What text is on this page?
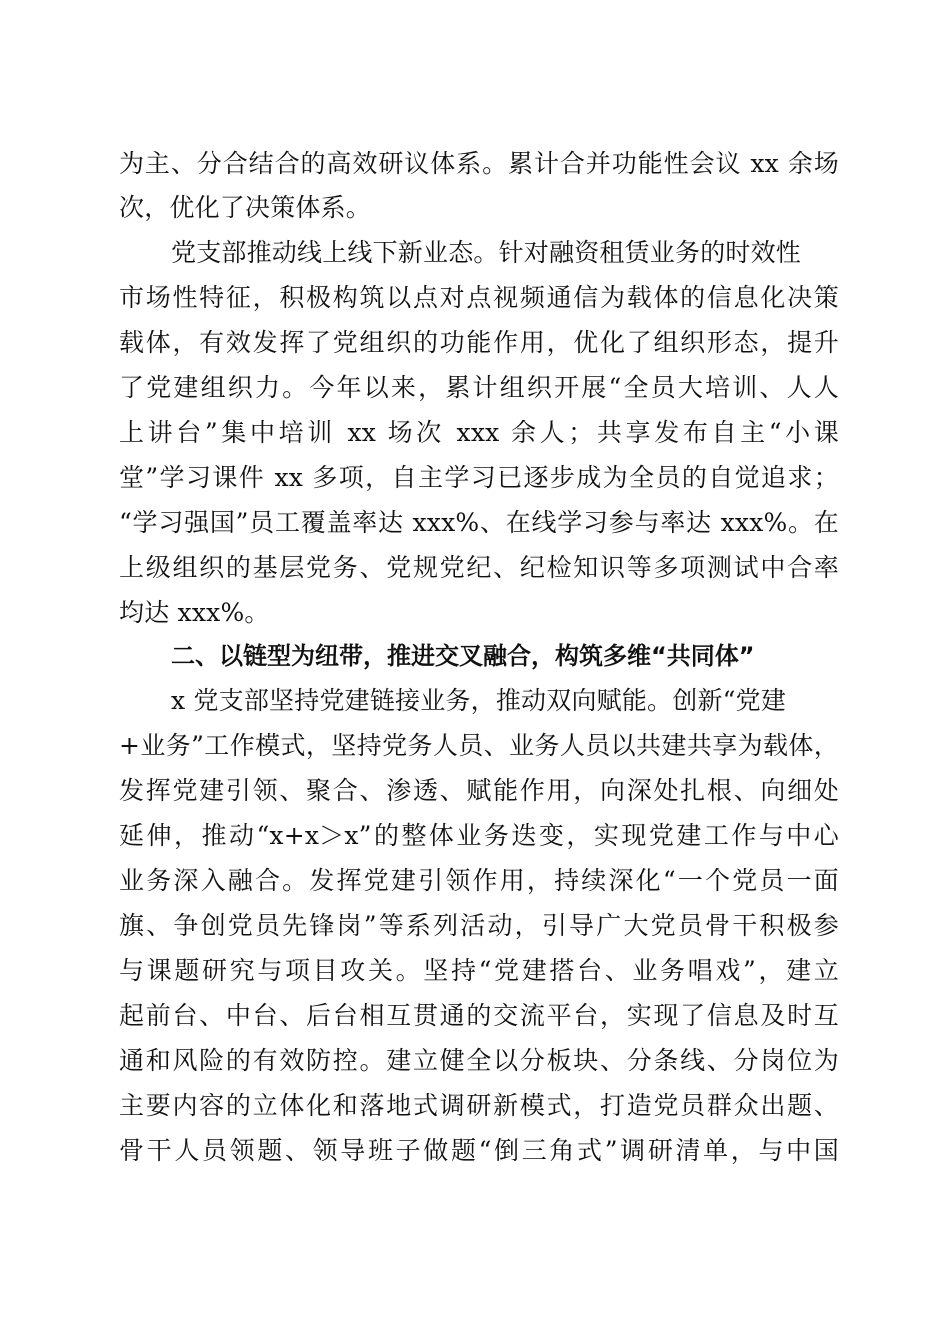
为主、分合结合的高效研议体系。累计合并功能性会议 xx 余场
次，优化了决策体系。
党支部推动线上线下新业态。针对融资租赁业务的时效性
市场性特征，积极构筑以点对点视频通信为载体的信息化决策
载体，有效发挥了党组织的功能作用，优化了组织形态，提升
了党建组织力。今年以来，累计组织开展“全员大培训、人人
上讲台”集中培训 xx 场次 xxx 余人；共享发布自主“小课
堂”学习课件 xx 多项，自主学习已逐步成为全员的自觉追求；
“学习强国”员工覆盖率达 xxx%、在线学习参与率达 xxx%。在
上级组织的基层党务、党规党纪、纪检知识等多项测试中合率
均达 xxx%。
二、以链型为纽带，推进交叉融合，构筑多维“共同体”
x 党支部坚持党建链接业务，推动双向赋能。创新“党建
+业务”工作模式，坚持党务人员、业务人员以共建共享为载体，
发挥党建引领、聚合、渗透、赋能作用，向深处扎根、向细处
延伸，推动“x+x＞x”的整体业务迭变，实现党建工作与中心
业务深入融合。发挥党建引领作用，持续深化“一个党员一面
旗、争创党员先锋岗”等系列活动，引导广大党员骨干积极参
与课题研究与项目攻关。坚持“党建搭台、业务唱戏”，建立
起前台、中台、后台相互贯通的交流平台，实现了信息及时互
通和风险的有效防控。建立健全以分板块、分条线、分岗位为
主要内容的立体化和落地式调研新模式，打造党员群众出题、
骨干人员领题、领导班子做题“倒三角式”调研清单，与中国
